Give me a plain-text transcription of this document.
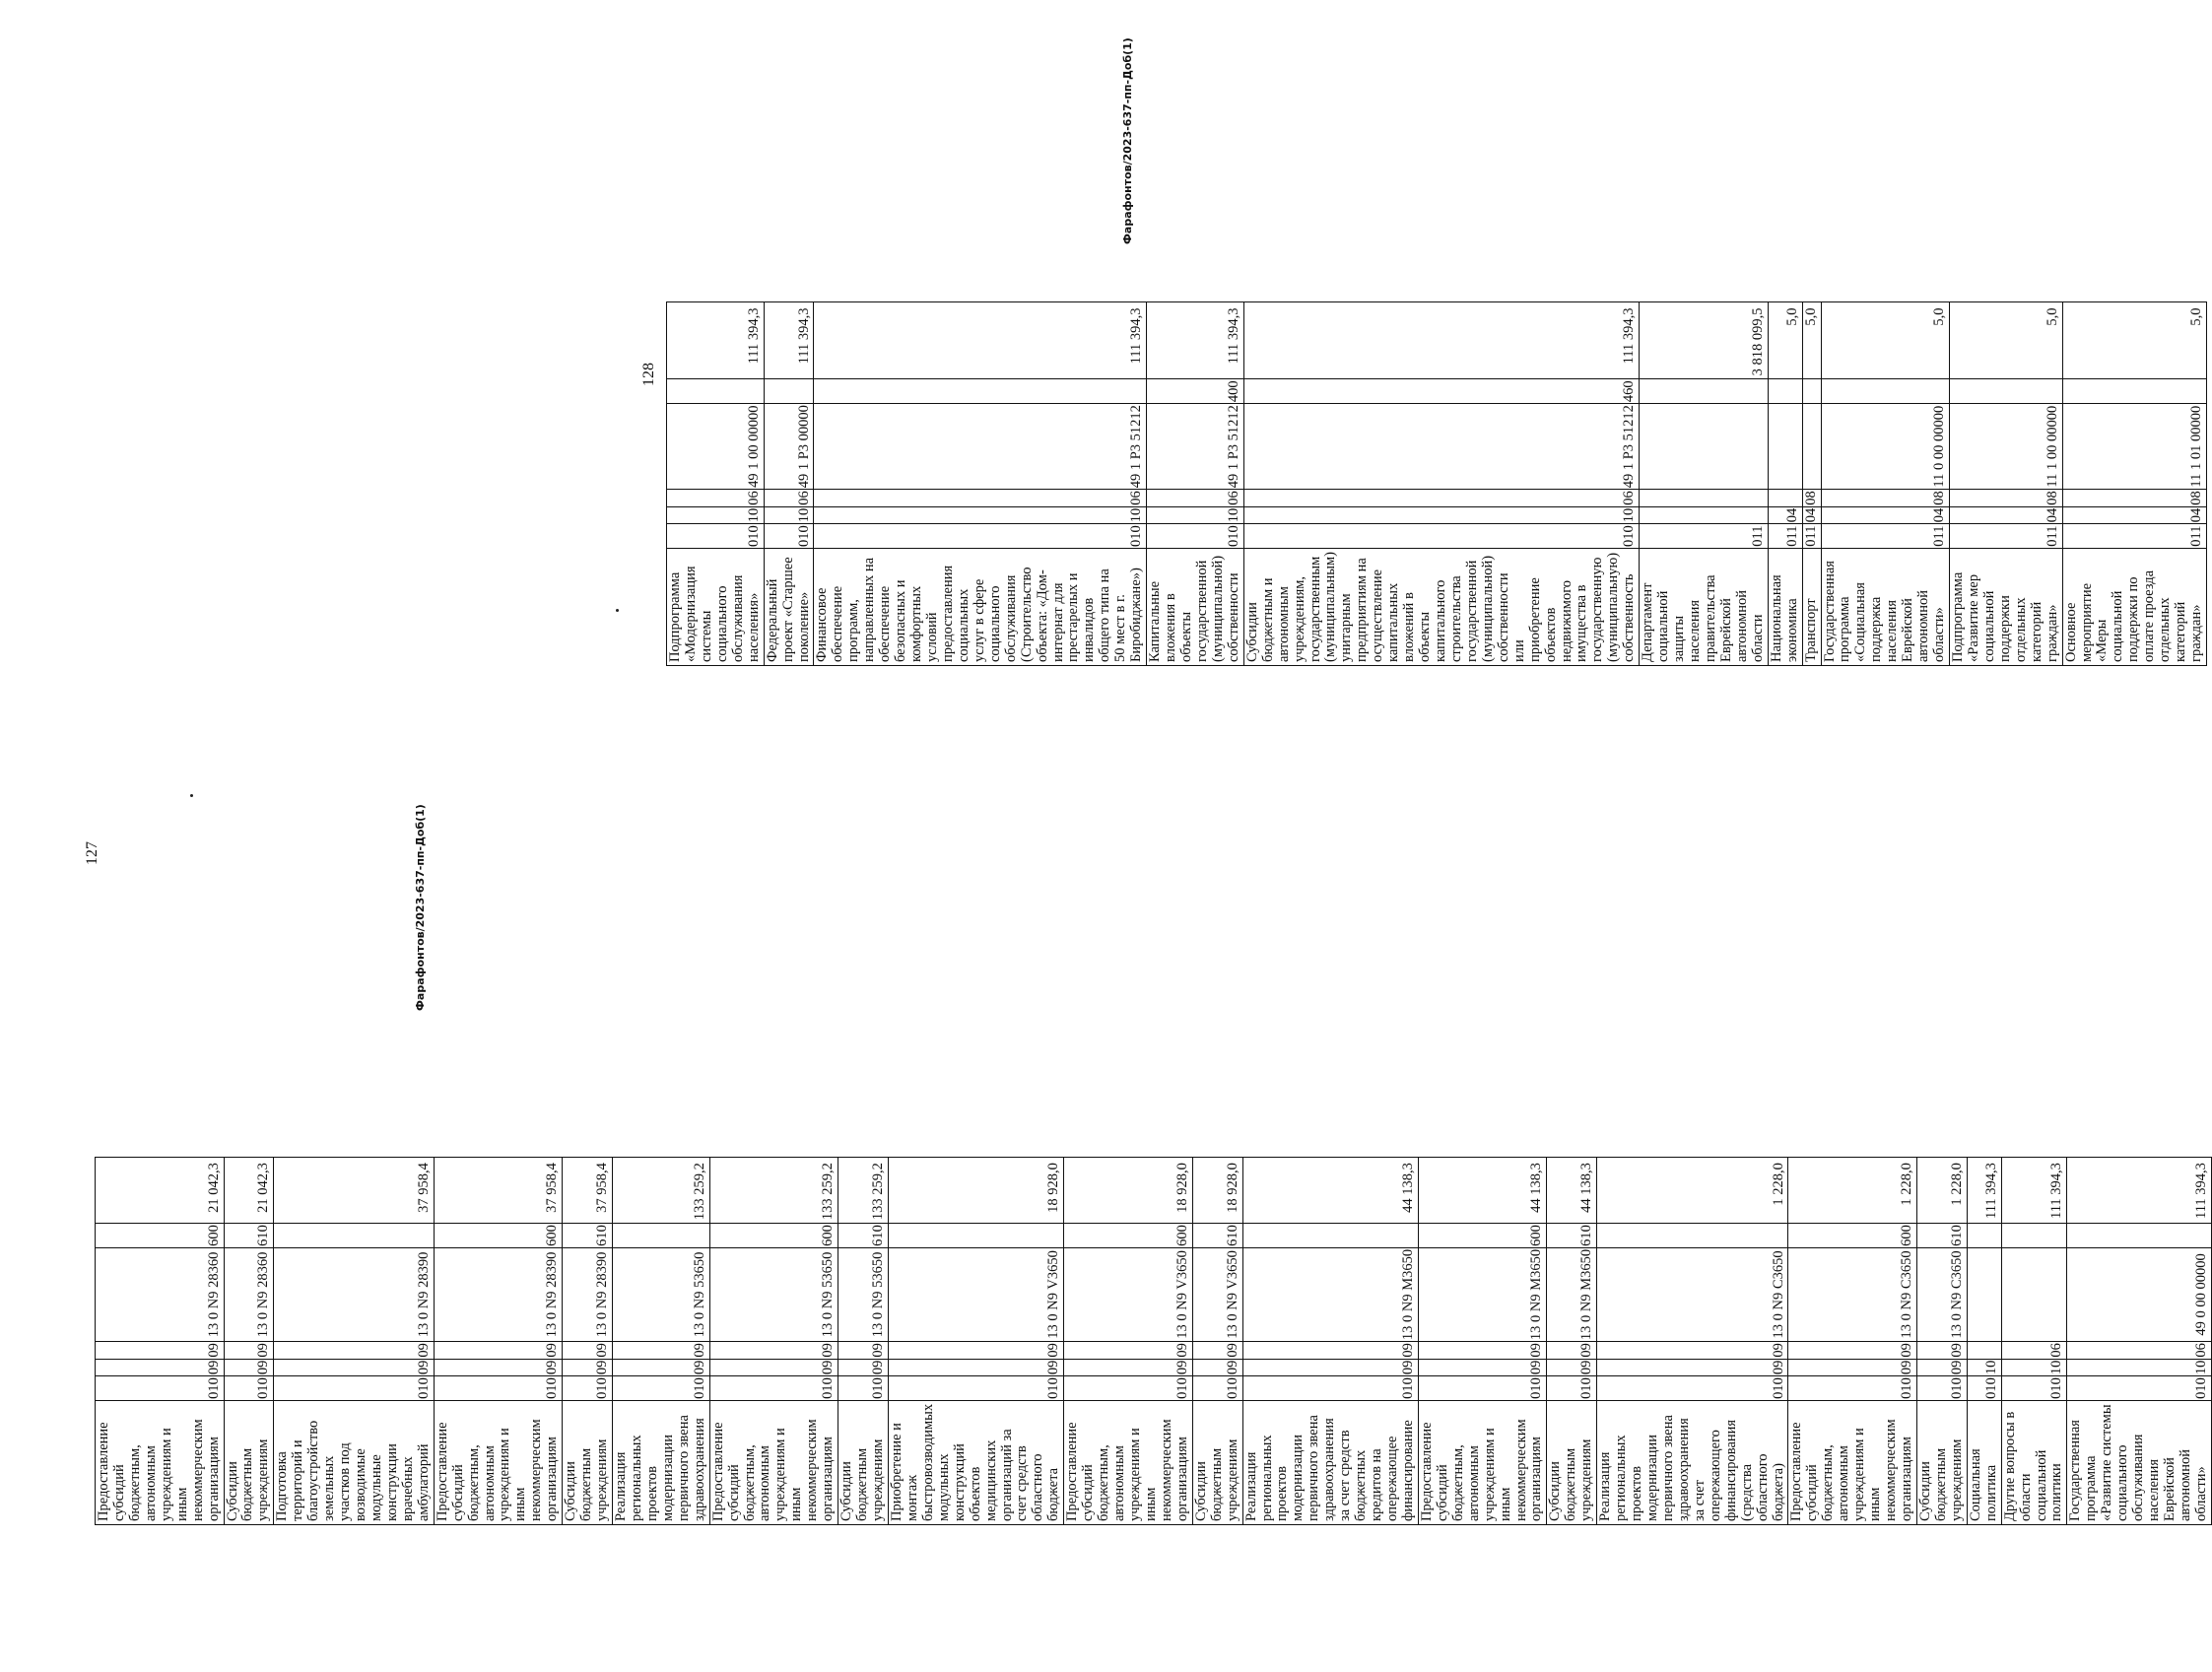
Предоставление субсидий бюджетным, автономным учреждениям и иным некоммерческим организациям	010	09	09	13 0 N9 28360	600	21 042,3
Субсидии бюджетным учреждениям	010	09	09	13 0 N9 28360	610	21 042,3
Подготовка территорий и благоустройство земельных участков под возводимые модульные конструкции врачебных амбулаторий	010	09	09	13 0 N9 28390		37 958,4
Предоставление субсидий бюджетным, автономным учреждениям и иным некоммерческим организациям	010	09	09	13 0 N9 28390	600	37 958,4
Субсидии бюджетным учреждениям	010	09	09	13 0 N9 28390	610	37 958,4
Реализация региональных проектов модернизации первичного звена здравоохранения	010	09	09	13 0 N9 53650		133 259,2
Предоставление субсидий бюджетным, автономным учреждениям и иным некоммерческим организациям	010	09	09	13 0 N9 53650	600	133 259,2
Субсидии бюджетным учреждениям	010	09	09	13 0 N9 53650	610	133 259,2
Приобретение и монтаж быстровозводимых модульных конструкций объектов медицинских организаций за счет средств областного бюджета	010	09	09	13 0 N9 V3650		18 928,0
Предоставление субсидий бюджетным, автономным учреждениям и иным некоммерческим организациям	010	09	09	13 0 N9 V3650	600	18 928,0
Субсидии бюджетным учреждениям	010	09	09	13 0 N9 V3650	610	18 928,0
Реализация региональных проектов модернизации первичного звена здравоохранения за счет средств бюджетных кредитов на опережающее финансирование	010	09	09	13 0 N9 M3650		44 138,3
Предоставление субсидий бюджетным, автономным учреждениям и иным некоммерческим организациям	010	09	09	13 0 N9 M3650	600	44 138,3
Субсидии бюджетным учреждениям	010	09	09	13 0 N9 M3650	610	44 138,3
Реализация региональных проектов модернизации первичного звена здравоохранения за счет опережающего финансирования (средства областного бюджета)	010	09	09	13 0 N9 C3650		1 228,0
Предоставление субсидий бюджетным, автономным учреждениям и иным некоммерческим организациям	010	09	09	13 0 N9 C3650	600	1 228,0
Субсидии бюджетным учреждениям	010	09	09	13 0 N9 C3650	610	1 228,0
Социальная политика	010	10				111 394,3
Другие вопросы в области социальной политики	010	10	06			111 394,3
Государственная программа «Развитие системы социального обслуживания населения Еврейской автономной области»	010	10	06	49 0 00 00000		111 394,3
127	Фарафонтов/2023-637-пп-Доб(1)
Подпрограмма «Модернизация системы социального обслуживания населения»	010	10	06	49 1 00 00000		111 394,3
Федеральный проект «Старшее поколение»	010	10	06	49 1 P3 00000		111 394,3
Финансовое обеспечение программ, направленных на обеспечение безопасных и комфортных условий предоставления социальных услуг в сфере социального обслуживания (Строительство объекта: «Дом-интернат для престарелых и инвалидов общего типа на 50 мест в г. Биробиджане»)	010	10	06	49 1 P3 51212		111 394,3
Капитальные вложения в объекты государственной (муниципальной) собственности	010	10	06	49 1 P3 51212	400	111 394,3
Субсидии бюджетным и автономным учреждениям, государственным (муниципальным) унитарным предприятиям на осуществление капитальных вложений в объекты капитального строительства государственной (муниципальной) собственности или приобретение объектов недвижимого имущества в государственную (муниципальную) собственность	010	10	06	49 1 P3 51212	460	111 394,3
Департамент социальной защиты населения правительства Еврейской автономной области	011					3 818 099,5
Национальная экономика	011	04				5,0
Транспорт	011	04	08			5,0
Государственная программа «Социальная поддержка населения Еврейской автономной области»	011	04	08	11 0 00 00000		5,0
Подпрограмма «Развитие мер социальной поддержки отдельных категорий граждан»	011	04	08	11 1 00 00000		5,0
Основное мероприятие «Меры социальной поддержки по оплате проезда отдельных категорий граждан»	011	04	08	11 1 01 00000		5,0
128
Фарафонтов/2023-637-пп-Доб(1)
